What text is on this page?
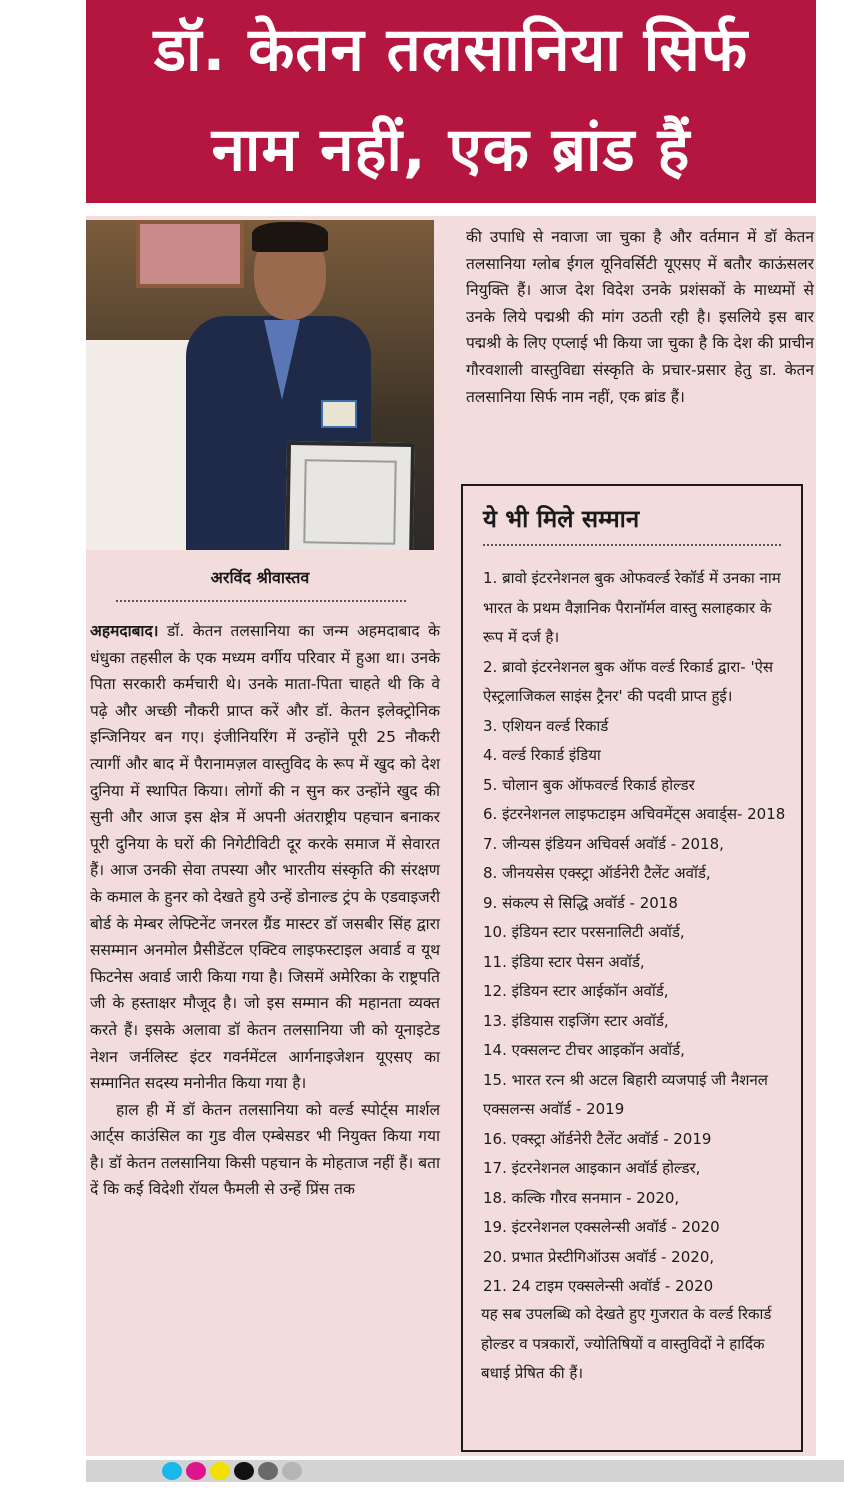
डॉ. केतन तलसानिया सिर्फ
नाम नहीं, एक ब्रांड हैं
अरविंद श्रीवास्तव

अहमदाबाद। डॉ. केतन तलसानिया का जन्म अहमदाबाद के धंधुका तहसील के एक मध्यम वर्गीय परिवार में हुआ था। उनके पिता सरकारी कर्मचारी थे। उनके माता-पिता चाहते थी कि वे पढ़े और अच्छी नौकरी प्राप्त करें और डॉ. केतन इलेक्ट्रोनिक इन्जिनियर बन गए। इंजीनियरिंग में उन्होंने पूरी 25 नौकरी त्यागीं और बाद में पैरानामज़ल वास्तुविद के रूप में खुद को देश दुनिया में स्थापित किया। लोगों की न सुन कर उन्होंने खुद की सुनी और आज इस क्षेत्र में अपनी अंतराष्ट्रीय पहचान बनाकर पूरी दुनिया के घरों की निगेटीविटी दूर करके समाज में सेवारत हैं। आज उनकी सेवा तपस्या और भारतीय संस्कृति की संरक्षण के कमाल के हुनर को देखते हुये उन्हें डोनाल्ड ट्रंप के एडवाइजरी बोर्ड के मेम्बर लेफ्टिनेंट जनरल ग्रैंड मास्टर डॉ जसबीर सिंह द्वारा ससम्मान अनमोल प्रैसीडेंटल एक्टिव लाइफस्टाइल अवार्ड व यूथ फिटनेस अवार्ड जारी किया गया है। जिसमें अमेरिका के राष्ट्रपति जी के हस्ताक्षर मौजूद है। जो इस सम्मान की महानता व्यक्त करते हैं। इसके अलावा डॉ केतन तलसानिया जी को यूनाइटेड नेशन जर्नलिस्ट इंटर गवर्नमेंटल आर्गनाइजेशन यूएसए का सम्मानित सदस्य मनोनीत किया गया है।

हाल ही में डॉ केतन तलसानिया को वर्ल्ड स्पोर्ट्स मार्शल आर्ट्स काउंसिल का गुड वील एम्बेसडर भी नियुक्त किया गया है। डॉ केतन तलसानिया किसी पहचान के मोहताज नहीं हैं। बता दें कि कई विदेशी रॉयल फैमली से उन्हें प्रिंस तक

की उपाधि से नवाजा जा चुका है और वर्तमान में डॉ केतन तलसानिया ग्लोब ईगल यूनिवर्सिटी यूएसए में बतौर काऊंसलर नियुक्ति हैं। आज देश विदेश उनके प्रशंसकों के माध्यमों से उनके लिये पद्मश्री की मांग उठती रही है। इसलिये इस बार पद्मश्री के लिए एप्लाई भी किया जा चुका है कि देश की प्राचीन गौरवशाली वास्तुविद्या संस्कृति के प्रचार-प्रसार हेतु डा. केतन तलसानिया सिर्फ नाम नहीं, एक ब्रांड हैं।

ये भी मिले सम्मान
1. ब्रावो इंटरनेशनल बुक ओफवर्ल्ड रेकॉर्ड में उनका नाम भारत के प्रथम वैज्ञानिक पैरानॉर्मल वास्तु सलाहकार के रूप में दर्ज है।
2. ब्रावो इंटरनेशनल बुक ऑफ वर्ल्ड रिकार्ड द्वारा- 'ऐस ऐस्ट्रलाजिकल साइंस ट्रैनर' की पदवी प्राप्त हुई।
3. एशियन वर्ल्ड रिकार्ड
4. वर्ल्ड रिकार्ड इंडिया
5. चोलान बुक ऑफवर्ल्ड रिकार्ड होल्डर
6. इंटरनेशनल लाइफटाइम अचिवमेंट्स अवार्ड्स- 2018
7. जीन्यस इंडियन अचिवर्स अवॉर्ड - 2018,
8. जीनयसेस एक्स्ट्रा ऑर्डनेरी टैलेंट अवॉर्ड,
9. संकल्प से सिद्धि अवॉर्ड - 2018
10. इंडियन स्टार परसनालिटी अवॉर्ड,
11. इंडिया स्टार पेसन अवॉर्ड,
12. इंडियन स्टार आईकॉन अवॉर्ड,
13. इंडियास राइजिंग स्टार अवॉर्ड,
14. एक्सलन्ट टीचर आइकॉन अवॉर्ड,
15. भारत रत्न श्री अटल बिहारी व्यजपाई जी नैशनल एक्सलन्स अवॉर्ड - 2019
16. एक्स्ट्रा ऑर्डनेरी टैलेंट अवॉर्ड - 2019
17. इंटरनेशनल आइकान अवॉर्ड होल्डर,
18. कल्कि गौरव सनमान - 2020,
19. इंटरनेशनल एक्सलेन्सी अवॉर्ड - 2020
20. प्रभात प्रेस्टीगिऑउस अवॉर्ड - 2020,
21. 24 टाइम एक्सलेन्सी अवॉर्ड - 2020

यह सब उपलब्धि को देखते हुए गुजरात के वर्ल्ड रिकार्ड होल्डर व पत्रकारों, ज्योतिषियों व वास्तुविदों ने हार्दिक बधाई प्रेषित की हैं।
